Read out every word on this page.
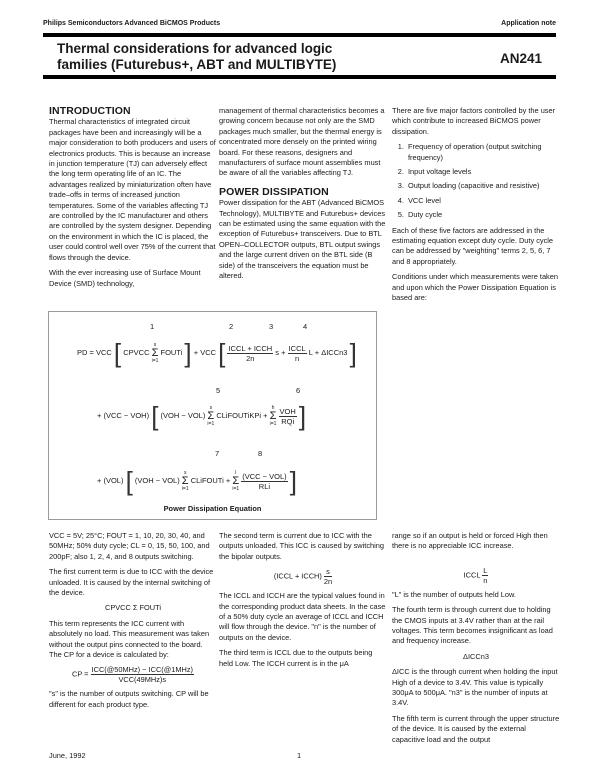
Philips Semiconductors Advanced BiCMOS Products	Application note
Thermal considerations for advanced logic
families (Futurebus+, ABT and MULTIBYTE)	AN241
INTRODUCTION

Thermal characteristics of integrated circuit packages have been and increasingly will be a major consideration to both producers and users of electronics products. This is because an increase in junction temperature (TJ) can adversely effect the long term operating life of an IC. The advantages realized by miniaturization often have trade–offs in terms of increased junction temperatures. Some of the variables affecting TJ are controlled by the IC manufacturer and others are controlled by the system designer. Depending on the environment in which the IC is placed, the user could control well over 75% of the current that flows through the device.

With the ever increasing use of Surface Mount Device (SMD) technology,

management of thermal characteristics becomes a growing concern because not only are the SMD packages much smaller, but the thermal energy is concentrated more densely on the printed wiring board. For these reasons, designers and manufacturers of surface mount assemblies must be aware of all the variables affecting TJ.

POWER DISSIPATION

Power dissipation for the ABT (Advanced BiCMOS Technology), MULTIBYTE and Futurebus+ devices can be estimated using the same equation with the exception of Futurebus+ transceivers. Due to BTL OPEN–COLLECTOR outputs, BTL output swings and the large current driven on the BTL side (B side) of the transceivers the equation must be altered.

There are five major factors controlled by the user which contribute to increased BiCMOS power dissipation.

1. Frequency of operation (output switching frequency)
2. Input voltage levels
3. Output loading (capacitive and resistive)
4. VCC level
5. Duty cycle

Each of these five factors are addressed in the estimating equation except duty cycle. Duty cycle can be addressed by "weighting" terms 2, 5, 6, 7 and 8 appropriately.

Conditions under which measurements were taken and upon which the Power Dissipation Equation is based are:

1	2	3	4
PD = VCC [ CPVCC s
Σ
i=1 FOUTi ] + VCC [ $\frac{\text{ICCL + ICCH}}{2n}$ $s + \frac{\text{ICCL}}{n}$ L + ΔICCn3 ]
5	6
+ (VCC − VOH) [ (VOH − VOL) s
Σ
i=1 CLiFOUTiKPi + h
Σ
$i=1 \frac{\text{VOH}}{\text{RQi}}$ ]
7	8
+ (VOL) [ (VOH − VOL) s
Σ
i=1 CLiFOUTi + l
Σ
$i=1 \frac{\text{(VCC − VOL)}}{\text{RLi}}$ ]
Power Dissipation Equation

VCC = 5V; 25°C; FOUT = 1, 10, 20, 30, 40, and 50MHz; 50% duty cycle; CL = 0, 15, 50, 100, and 200pF; also 1, 2, 4, and 8 outputs switching.

The first current term is due to ICC with the device unloaded. It is caused by the internal switching of the device.

CPVCC Σ FOUTi

This term represents the ICC current with absolutely no load. This measurement was taken without the output pins connected to the board. The CP for a device is calculated by:

CP = $\frac{\text{ICC(@50MHz) − ICC(@1MHz)}}{\text{VCC(49MHz)s}}$

"s" is the number of outputs switching. CP will be different for each product type.

The second term is current due to ICC with the outputs unloaded. This ICC is caused by switching the bipolar outputs.

(ICCL + ICCH) $\frac{s}{2n}$

The ICCL and ICCH are the typical values found in the corresponding product data sheets. In the case of a 50% duty cycle an average of ICCL and ICCH will flow through the device. "n" is the number of outputs on the device.

The third term is ICCL due to the outputs being held Low. The ICCH current is in the μA

range so if an output is held or forced High then there is no appreciable ICC increase.

ICCL $\frac{L}{n}$

"L" is the number of outputs held Low.

The fourth term is through current due to holding the CMOS inputs at 3.4V rather than at the rail voltages. This term becomes insignificant as load and frequency increase.

ΔICCn3

ΔICC is the through current when holding the input High of a device to 3.4V. This value is typically 300μA to 500μA. "n3" is the number of inputs at 3.4V.

The fifth term is current through the upper structure of the device. It is caused by the external capacitive load and the output

June, 1992	1
